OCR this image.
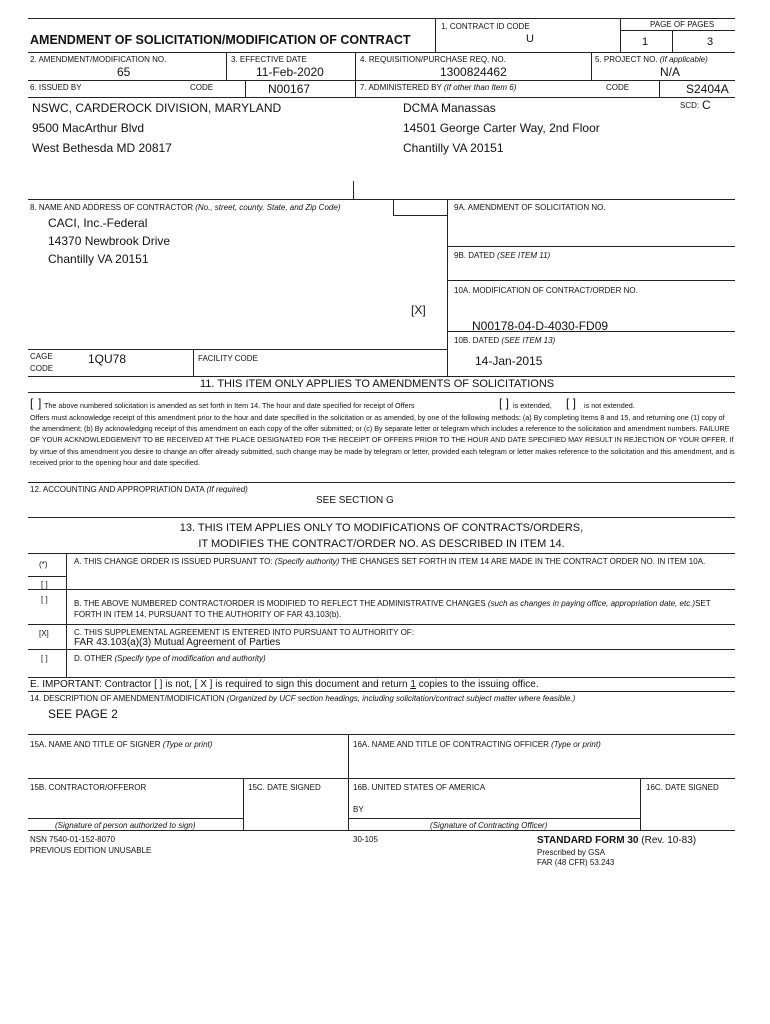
AMENDMENT OF SOLICITATION/MODIFICATION OF CONTRACT
1. CONTRACT ID CODE
U
PAGE OF PAGES
1	3
2. AMENDMENT/MODIFICATION NO.
65
3. EFFECTIVE DATE
11-Feb-2020
4. REQUISITION/PURCHASE REQ. NO.
1300824462
5. PROJECT NO. (If applicable)
N/A
6. ISSUED BY	CODE	N00167	7. ADMINISTERED BY (If other than Item 6)	CODE	S2404A
SCD: C
NSWC, CARDEROCK DIVISION, MARYLAND
9500 MacArthur Blvd
West Bethesda MD 20817
DCMA Manassas
14501 George Carter Way, 2nd Floor
Chantilly VA 20151
8. NAME AND ADDRESS OF CONTRACTOR (No., street, county, State, and Zip Code)
CACI, Inc.-Federal
14370 Newbrook Drive
Chantilly VA 20151
9A. AMENDMENT OF SOLICITATION NO.
9B. DATED (SEE ITEM 11)
10A. MODIFICATION OF CONTRACT/ORDER NO.
[X]
N00178-04-D-4030-FD09
10B. DATED (SEE ITEM 13)
14-Jan-2015
CAGE
CODE
1QU78	FACILITY CODE
11. THIS ITEM ONLY APPLIES TO AMENDMENTS OF SOLICITATIONS
[ ] The above numbered solicitation is amended as set forth in Item 14. The hour and date specified for receipt of Offers	[ ] is extended, [ ] is not extended.
Offers must acknowledge receipt of this amendment prior to the hour and date specified in the solicitation or as amended, by one of the following methods: (a) By completing Items 8 and 15, and returning one (1) copy of the amendment; (b) By acknowledging receipt of this amendment on each copy of the offer submitted; or (c) By separate letter or telegram which includes a reference to the solicitation and amendment numbers. FAILURE OF YOUR ACKNOWLEDGEMENT TO BE RECEIVED AT THE PLACE DESIGNATED FOR THE RECEIPT OF OFFERS PRIOR TO THE HOUR AND DATE SPECIFIED MAY RESULT IN REJECTION OF YOUR OFFER. If by virtue of this amendment you desire to change an offer already submitted, such change may be made by telegram or letter, provided each telegram or letter makes reference to the solicitation and this amendment, and is received prior to the opening hour and date specified.
12. ACCOUNTING AND APPROPRIATION DATA (If required)
SEE SECTION G
13. THIS ITEM APPLIES ONLY TO MODIFICATIONS OF CONTRACTS/ORDERS,
IT MODIFIES THE CONTRACT/ORDER NO. AS DESCRIBED IN ITEM 14.
(*)	A. THIS CHANGE ORDER IS ISSUED PURSUANT TO: (Specify authority) THE CHANGES SET FORTH IN ITEM 14 ARE MADE IN THE CONTRACT ORDER NO. IN ITEM 10A.
[ ]
[ ]	B. THE ABOVE NUMBERED CONTRACT/ORDER IS MODIFIED TO REFLECT THE ADMINISTRATIVE CHANGES (such as changes in paying office, appropriation date, etc.)SET FORTH IN ITEM 14, PURSUANT TO THE AUTHORITY OF FAR 43.103(b).
[X]	C. THIS SUPPLEMENTAL AGREEMENT IS ENTERED INTO PURSUANT TO AUTHORITY OF:
FAR 43.103(a)(3) Mutual Agreement of Parties
[ ]	D. OTHER (Specify type of modification and authority)
E. IMPORTANT: Contractor [ ] is not, [ X ] is required to sign this document and return 1 copies to the issuing office.
14. DESCRIPTION OF AMENDMENT/MODIFICATION (Organized by UCF section headings, including solicitation/contract subject matter where feasible.)
SEE PAGE 2
15A. NAME AND TITLE OF SIGNER (Type or print)	16A. NAME AND TITLE OF CONTRACTING OFFICER (Type or print)
15B. CONTRACTOR/OFFEROR	15C. DATE SIGNED	16B. UNITED STATES OF AMERICA	16C. DATE SIGNED
BY
(Signature of person authorized to sign)	(Signature of Contracting Officer)
NSN 7540-01-152-8070
PREVIOUS EDITION UNUSABLE
30-105	STANDARD FORM 30 (Rev. 10-83)
Prescribed by GSA
FAR (48 CFR) 53.243
